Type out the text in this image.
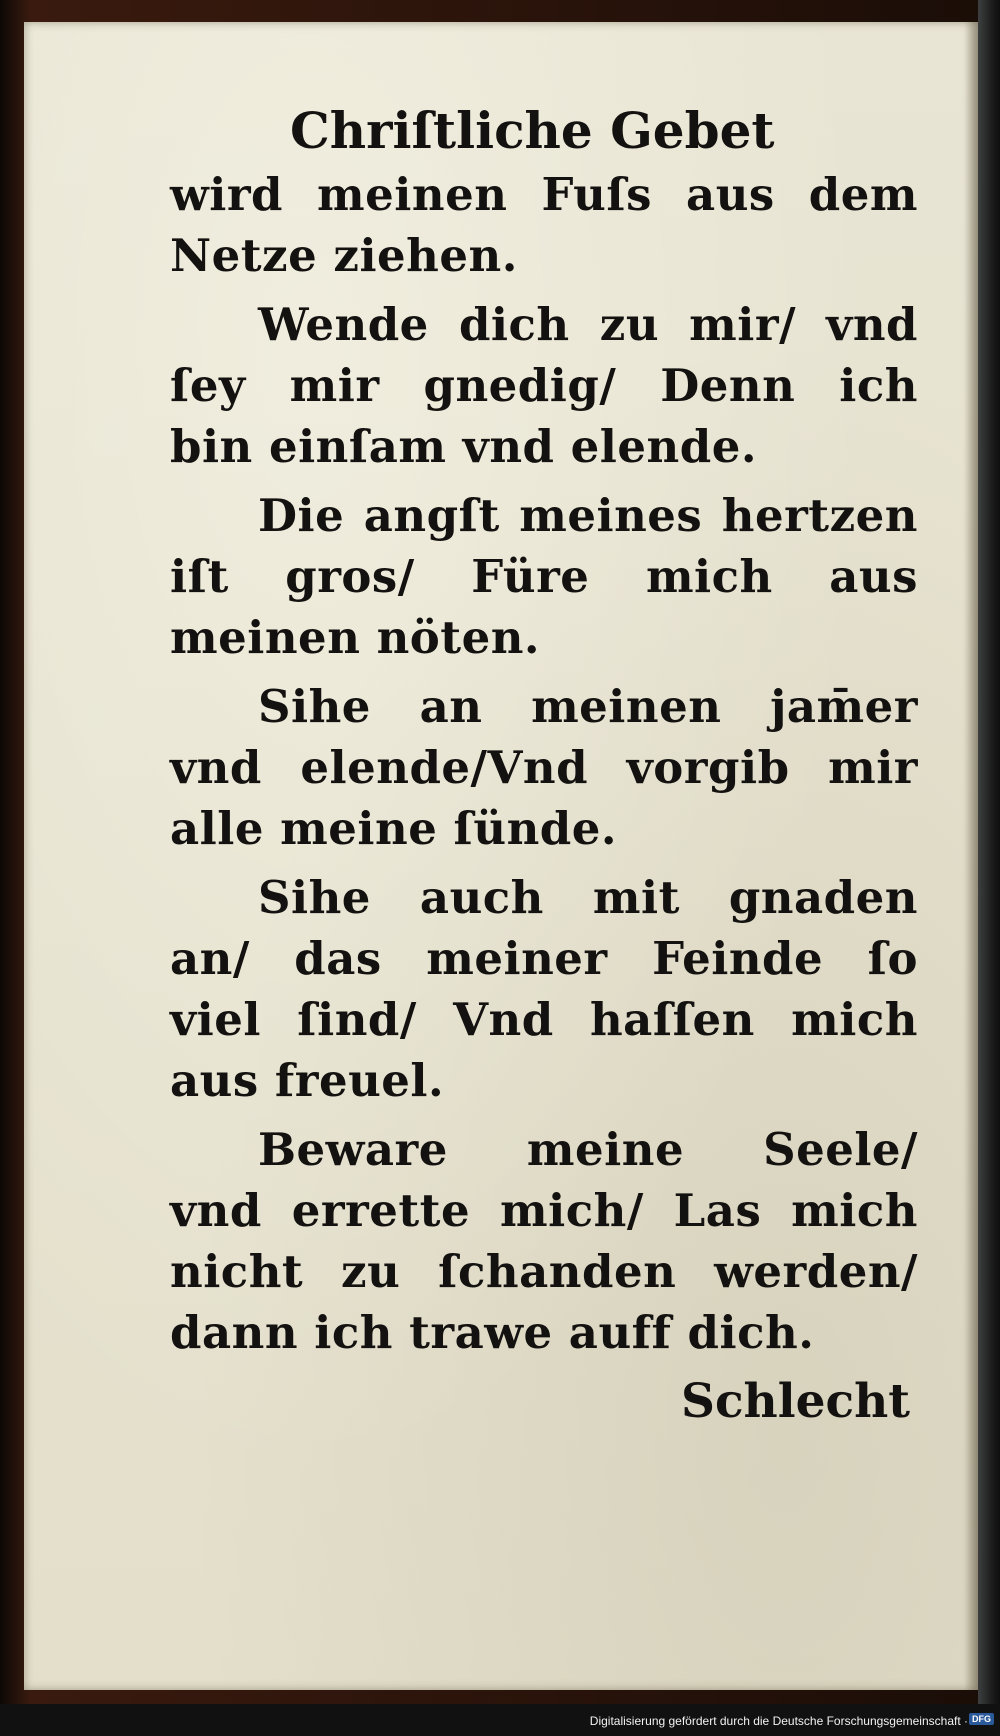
Chriſtliche Gebet
wird meinen Fuſs aus dem
Netze ziehen.
Wende dich zu mir/ vnd
ſey mir gnedig/ Denn ich
bin einſam vnd elende.
Die angſt meines hertzen
iſt gros/ Füre mich aus
meinen nöten.
Sihe an meinen jam̄er
vnd elende/Vnd vorgib mir
alle meine ſünde.
Sihe auch mit gnaden
an/ das meiner Feinde ſo
viel ſind/ Vnd haſſen mich
aus freuel.
Beware meine Seele/
vnd errette mich/ Las mich
nicht zu ſchanden werden/
dann ich trawe auff dich.
Schlecht
Digitalisierung gefördert durch die Deutsche Forschungsgemeinschaft · DFG
